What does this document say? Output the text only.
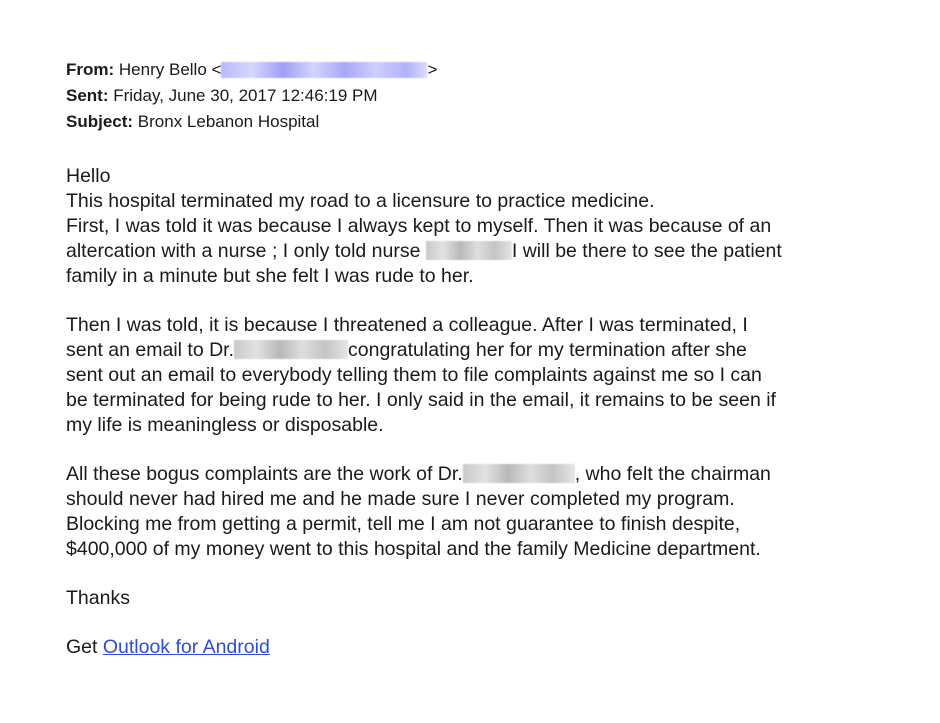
From: Henry Bello <	>
Sent: Friday, June 30, 2017 12:46:19 PM
Subject: Bronx Lebanon Hospital
Hello
This hospital terminated my road to a licensure to practice medicine.
First, I was told it was because I always kept to myself. Then it was because of an
altercation with a nurse ; I only told nurse	I will be there to see the patient
family in a minute but she felt I was rude to her.
Then I was told, it is because I threatened a colleague. After I was terminated, I
sent an email to Dr.	congratulating her for my termination after she
sent out an email to everybody telling them to file complaints against me so I can
be terminated for being rude to her. I only said in the email, it remains to be seen if
my life is meaningless or disposable.
All these bogus complaints are the work of Dr.	, who felt the chairman
should never had hired me and he made sure I never completed my program.
Blocking me from getting a permit, tell me I am not guarantee to finish despite,
$400,000 of my money went to this hospital and the family Medicine department.
Thanks
Get Outlook for Android
